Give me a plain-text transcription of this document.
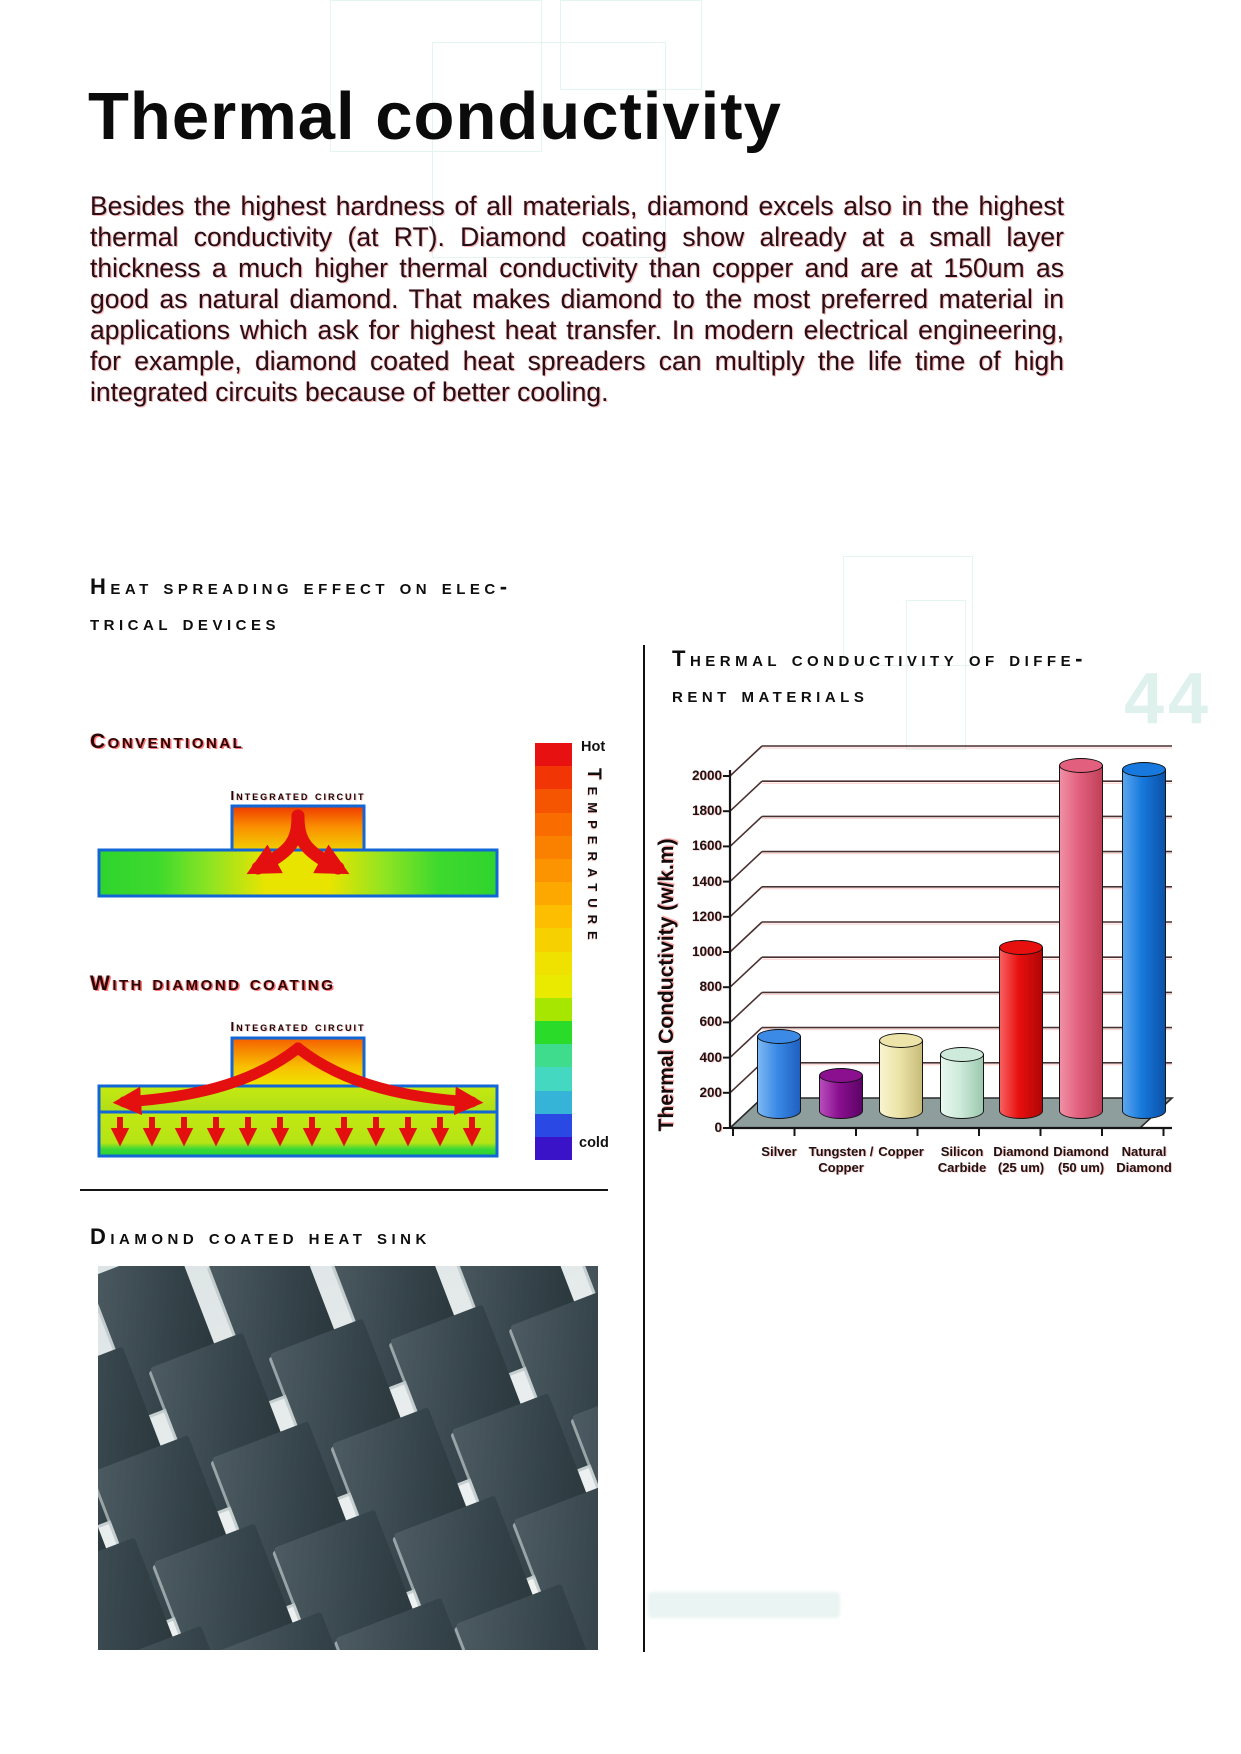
44
Thermal conductivity
Besides the highest hardness of all materials, diamond excels also in the highest thermal conductivity (at RT). Diamond coating show already at a small layer thickness a much higher thermal conductivity than copper and are at 150um as good as natural diamond. That makes diamond to the most preferred material in applications which ask for highest heat transfer. In modern electrical engineering, for example, diamond coated heat spreaders can multiply the life time of high integrated circuits because of better cooling.
Heat spreading effect on elec-
trical devices
Conventional
Integrated circuit
With diamond coating
Integrated circuit
Hot
cold
Temperature
Thermal conductivity of diffe-
rent materials
Thermal Conductivity (w/k.m)	0
200
400
600
800
1000
1200
1400
1600
1800
2000
Silver Tungsten /
Copper
Copper	Silicon
Carbide
Diamond
(25 um)
Diamond
(50 um)
Natural
Diamond
Diamond coated heat sink
